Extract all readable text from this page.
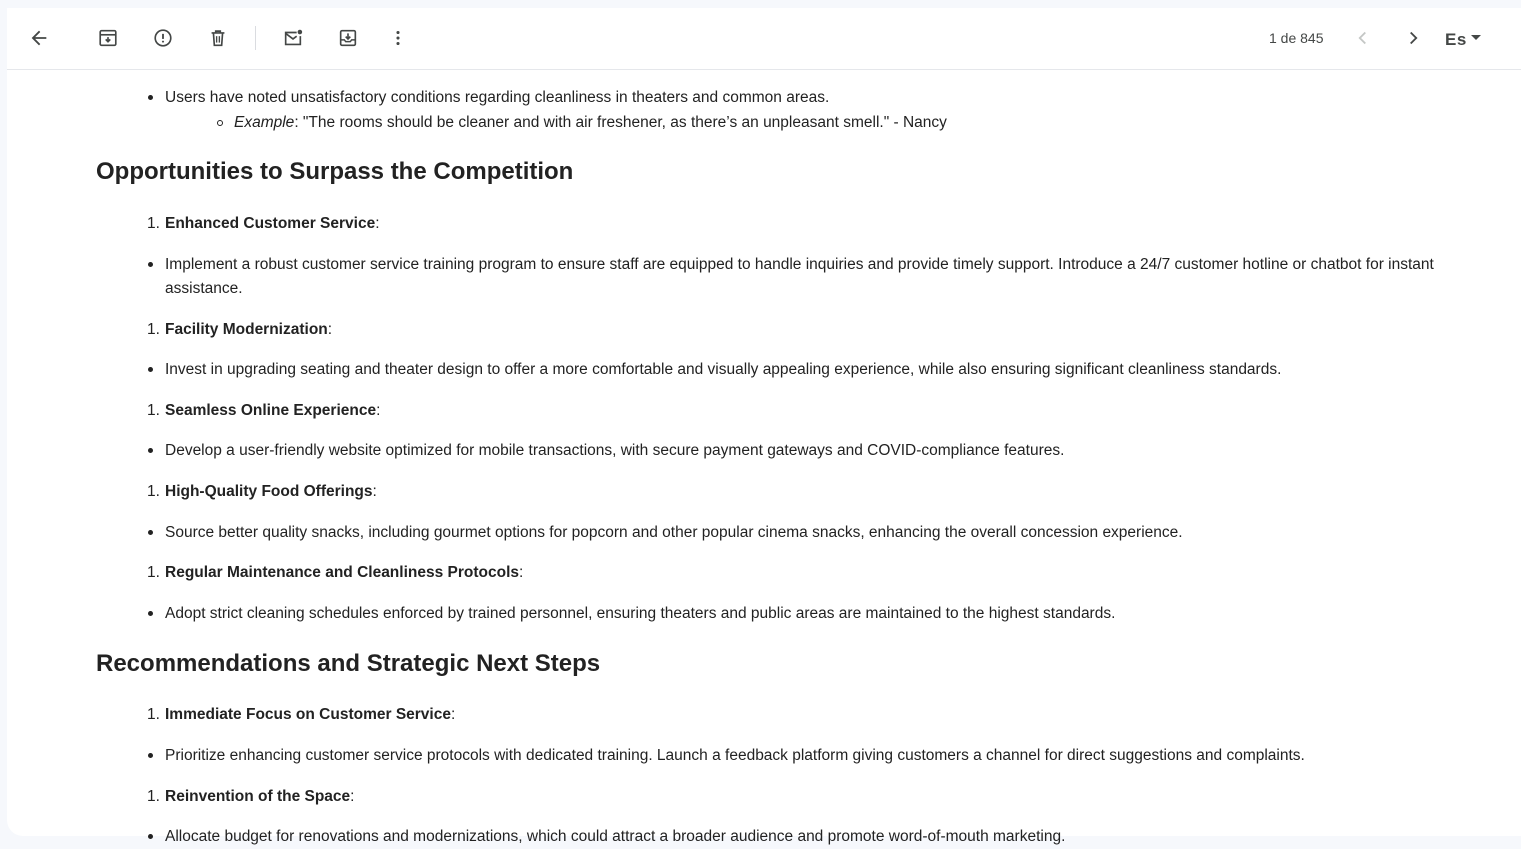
1 de 845	Es
Users have noted unsatisfactory conditions regarding cleanliness in theaters and common areas.
Example: "The rooms should be cleaner and with air freshener, as there’s an unpleasant smell." - Nancy
Opportunities to Surpass the Competition
1. Enhanced Customer Service:
Implement a robust customer service training program to ensure staff are equipped to handle inquiries and provide timely support. Introduce a 24/7 customer hotline or chatbot for instant assistance.
1. Facility Modernization:
Invest in upgrading seating and theater design to offer a more comfortable and visually appealing experience, while also ensuring significant cleanliness standards.
1. Seamless Online Experience:
Develop a user-friendly website optimized for mobile transactions, with secure payment gateways and COVID-compliance features.
1. High-Quality Food Offerings:
Source better quality snacks, including gourmet options for popcorn and other popular cinema snacks, enhancing the overall concession experience.
1. Regular Maintenance and Cleanliness Protocols:
Adopt strict cleaning schedules enforced by trained personnel, ensuring theaters and public areas are maintained to the highest standards.
Recommendations and Strategic Next Steps
1. Immediate Focus on Customer Service:
Prioritize enhancing customer service protocols with dedicated training. Launch a feedback platform giving customers a channel for direct suggestions and complaints.
1. Reinvention of the Space:
Allocate budget for renovations and modernizations, which could attract a broader audience and promote word-of-mouth marketing.
